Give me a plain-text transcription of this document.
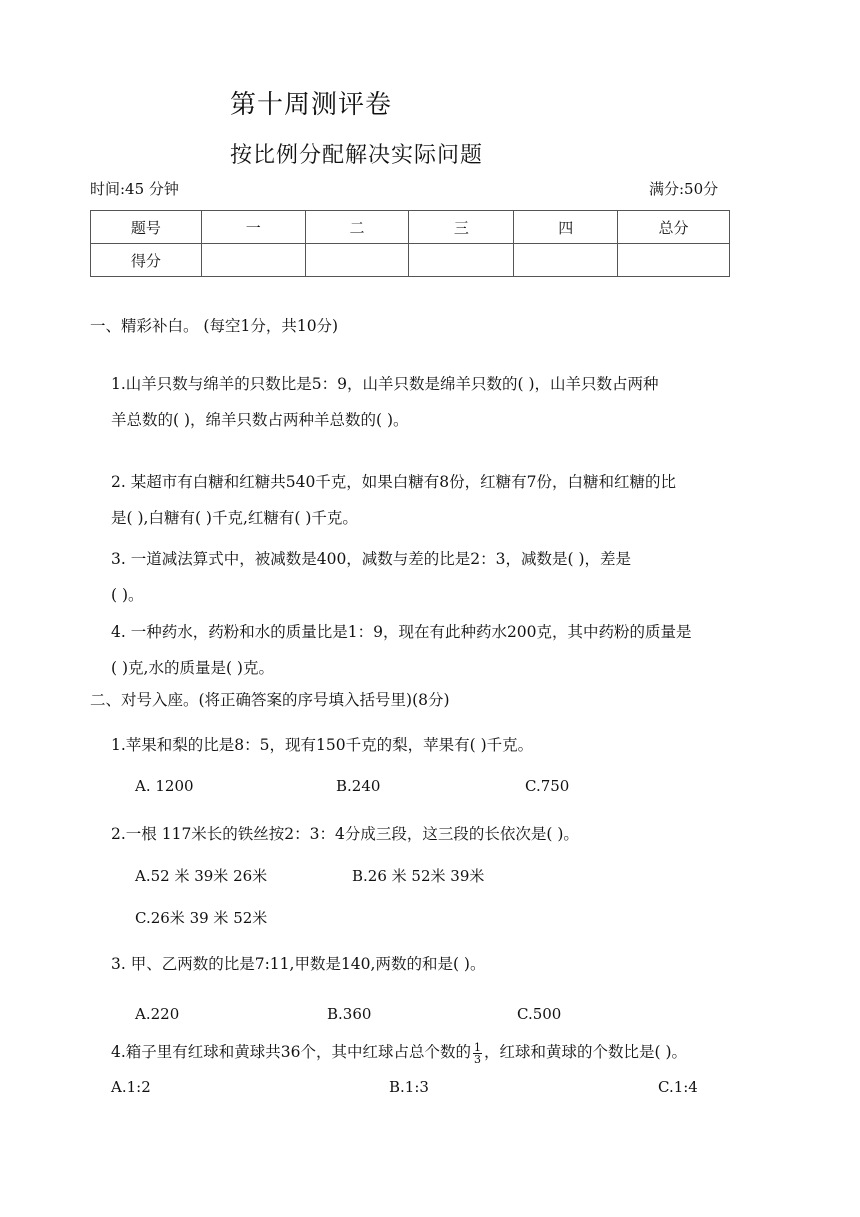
第十周测评卷
按比例分配解决实际问题
时间:45 分钟	满分:50分
题号	一	二	三	四	总分
得分					
一、精彩补白。 (每空1分，共10分)
1.山羊只数与绵羊的只数比是5：9，山羊只数是绵羊只数的( )，山羊只数占两种
羊总数的( )，绵羊只数占两种羊总数的( )。
2. 某超市有白糖和红糖共540千克，如果白糖有8份，红糖有7份，白糖和红糖的比
是( ),白糖有( )千克,红糖有( )千克。
3. 一道减法算式中，被减数是400，减数与差的比是2：3，减数是( )，差是
( )。
4. 一种药水，药粉和水的质量比是1：9，现在有此种药水200克，其中药粉的质量是
( )克,水的质量是( )克。
二、对号入座。(将正确答案的序号填入括号里)(8分)
1.苹果和梨的比是8：5，现有150千克的梨，苹果有( )千克。
A. 1200	B.240	C.750
2.一根 117米长的铁丝按2：3：4分成三段，这三段的长依次是( )。
A.52 米 39米 26米	B.26 米 52米 39米
C.26米 39 米 52米
3. 甲、乙两数的比是7:11,甲数是140,两数的和是( )。
A.220	B.360	C.500
4.箱子里有红球和黄球共36个，其中红球占总个数的 $\frac{1}{3}$ ，红球和黄球的个数比是( )。
A.1:2	B.1:3	C.1:4
